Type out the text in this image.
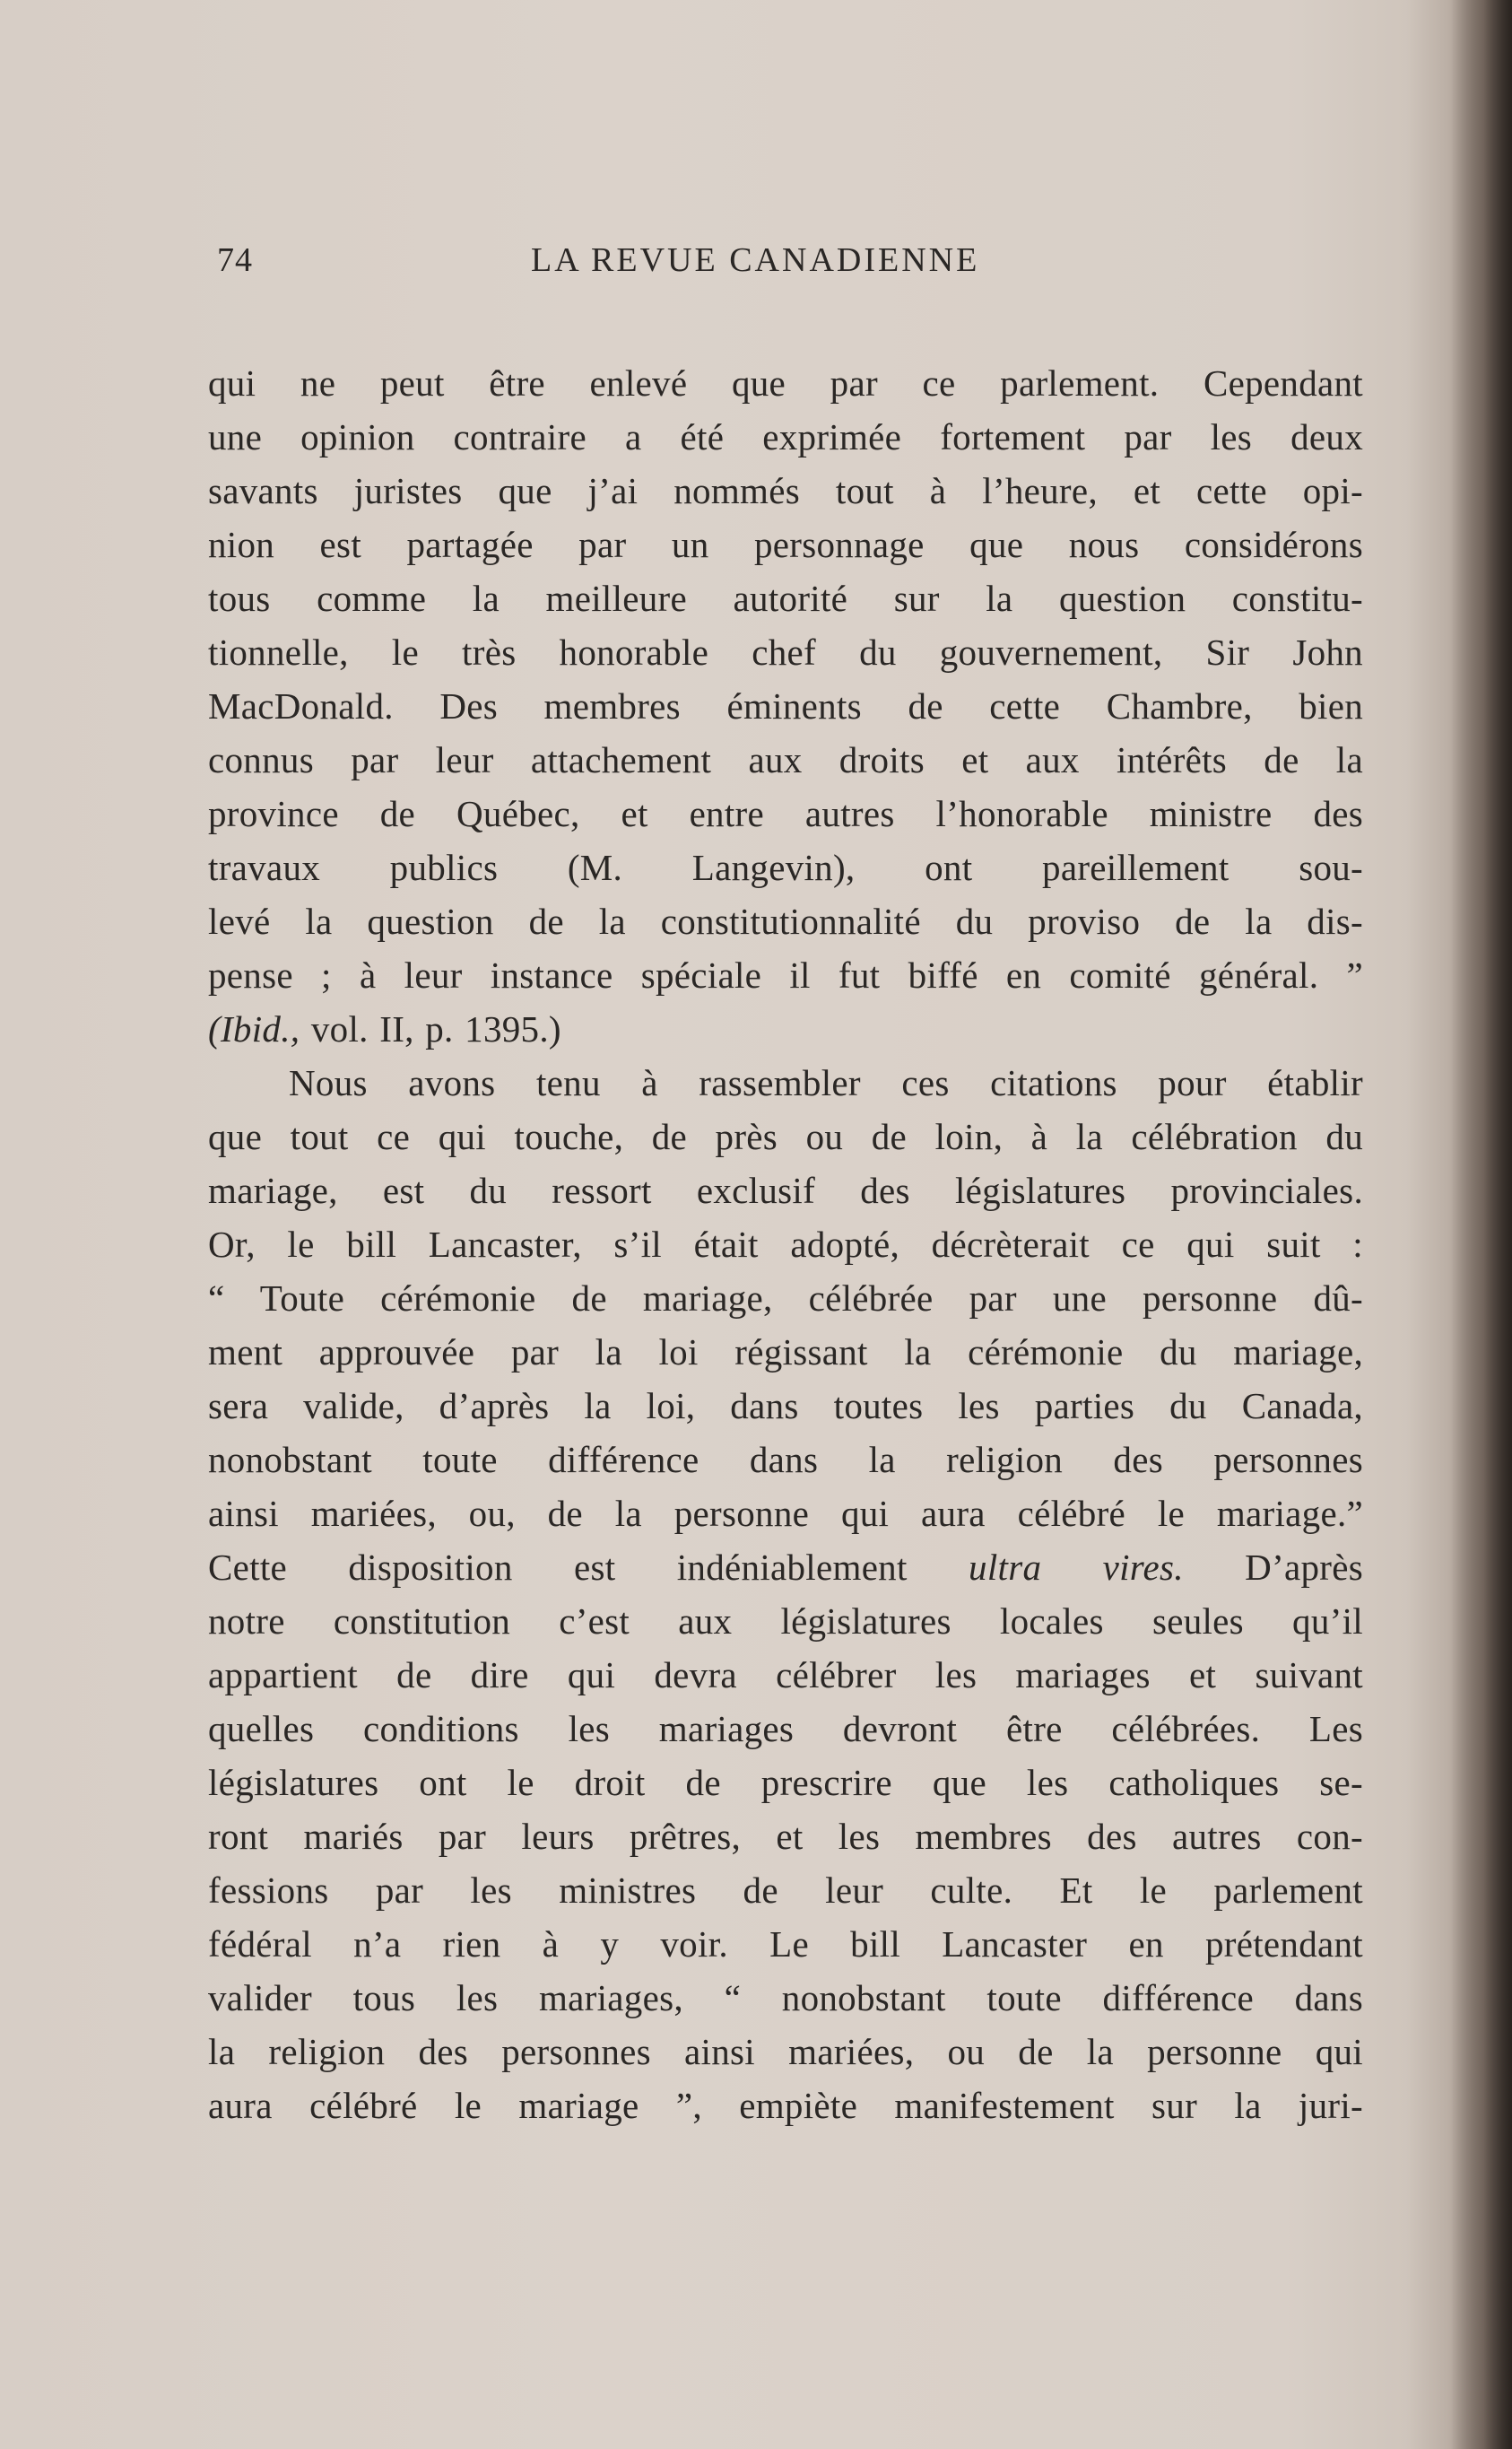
74	LA REVUE CANADIENNE
qui ne peut être enlevé que par ce parlement. Cependant
une opinion contraire a été exprimée fortement par les deux
savants juristes que j’ai nommés tout à l’heure, et cette opi-
nion est partagée par un personnage que nous considérons
tous comme la meilleure autorité sur la question constitu-
tionnelle, le très honorable chef du gouvernement, Sir John
MacDonald. Des membres éminents de cette Chambre, bien
connus par leur attachement aux droits et aux intérêts de la
province de Québec, et entre autres l’honorable ministre des
travaux publics (M. Langevin), ont pareillement sou-
levé la question de la constitutionnalité du proviso de la dis-
pense ; à leur instance spéciale il fut biffé en comité général. ”
(Ibid., vol. II, p. 1395.)
Nous avons tenu à rassembler ces citations pour établir
que tout ce qui touche, de près ou de loin, à la célébration du
mariage, est du ressort exclusif des législatures provinciales.
Or, le bill Lancaster, s’il était adopté, décrèterait ce qui suit :
“ Toute cérémonie de mariage, célébrée par une personne dû-
ment approuvée par la loi régissant la cérémonie du mariage,
sera valide, d’après la loi, dans toutes les parties du Canada,
nonobstant toute différence dans la religion des personnes
ainsi mariées, ou, de la personne qui aura célébré le mariage.”
Cette disposition est indéniablement ultra vires. D’après
notre constitution c’est aux législatures locales seules qu’il
appartient de dire qui devra célébrer les mariages et suivant
quelles conditions les mariages devront être célébrées. Les
législatures ont le droit de prescrire que les catholiques se-
ront mariés par leurs prêtres, et les membres des autres con-
fessions par les ministres de leur culte. Et le parlement
fédéral n’a rien à y voir. Le bill Lancaster en prétendant
valider tous les mariages, “ nonobstant toute différence dans
la religion des personnes ainsi mariées, ou de la personne qui
aura célébré le mariage ”, empiète manifestement sur la juri-
